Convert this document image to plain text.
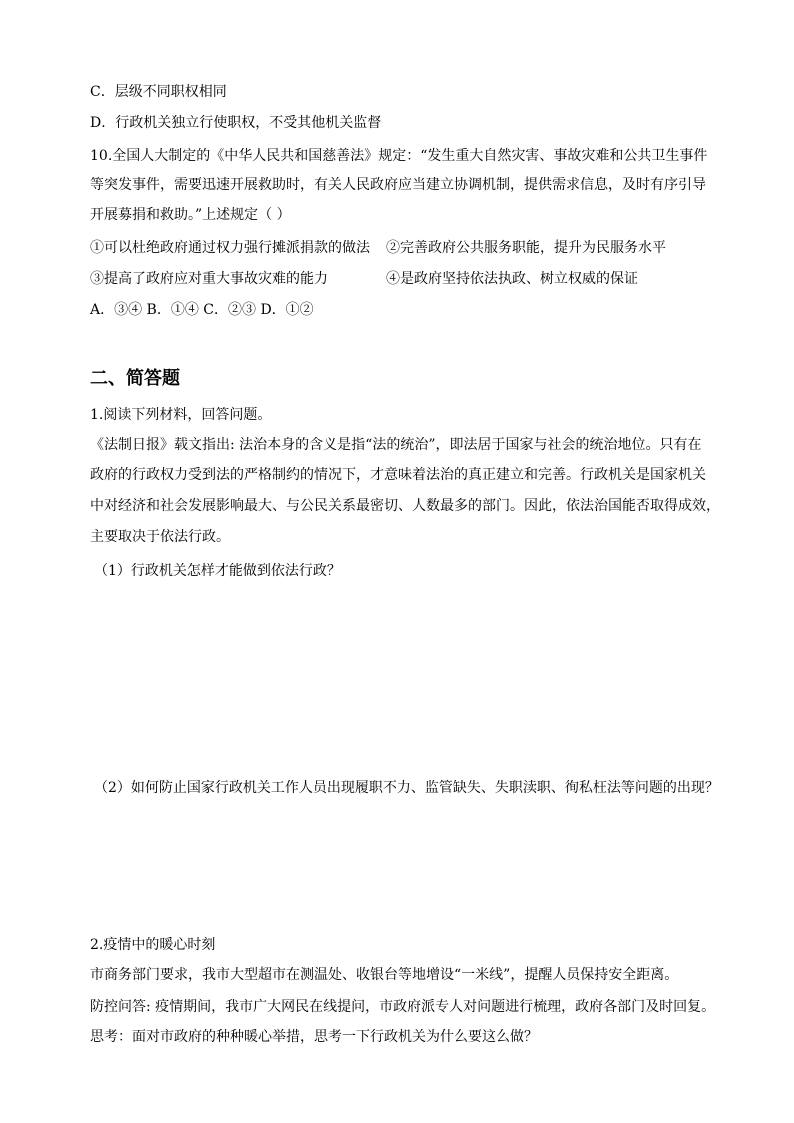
C．层级不同职权相同
D．行政机关独立行使职权，不受其他机关监督
10.全国人大制定的《中华人民共和国慈善法》规定：“发生重大自然灾害、事故灾难和公共卫生事件
等突发事件，需要迅速开展救助时，有关人民政府应当建立协调机制，提供需求信息，及时有序引导
开展募捐和救助。”上述规定（ ）
①可以杜绝政府通过权力强行摊派捐款的做法 ②完善政府公共服务职能，提升为民服务水平
③提高了政府应对重大事故灾难的能力	④是政府坚持依法执政、树立权威的保证
A．③④ B．①④ C．②③ D．①②
二、简答题
1.阅读下列材料，回答问题。
《法制日报》载文指出: 法治本身的含义是指“法的统治”，即法居于国家与社会的统治地位。只有在
政府的行政权力受到法的严格制约的情况下，才意味着法治的真正建立和完善。行政机关是国家机关
中对经济和社会发展影响最大、与公民关系最密切、人数最多的部门。因此，依法治国能否取得成效，
主要取决于依法行政。
（1）行政机关怎样才能做到依法行政？
（2）如何防止国家行政机关工作人员出现履职不力、监管缺失、失职渎职、徇私枉法等问题的出现？
2.疫情中的暖心时刻
市商务部门要求，我市大型超市在测温处、收银台等地增设“一米线”，提醒人员保持安全距离。
防控问答: 疫情期间，我市广大网民在线提问，市政府派专人对问题进行梳理，政府各部门及时回复。
思考：面对市政府的种种暖心举措，思考一下行政机关为什么要这么做？
